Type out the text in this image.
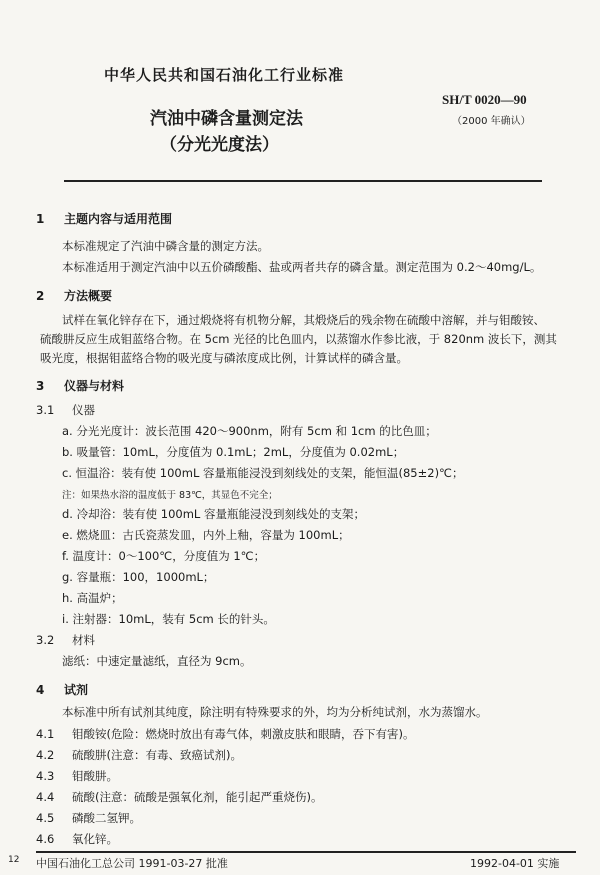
中华人民共和国石油化工行业标准
SH/T 0020—90
（2000 年确认）
汽油中磷含量测定法
（分光光度法）
1 主题内容与适用范围
本标准规定了汽油中磷含量的测定方法。
本标准适用于测定汽油中以五价磷酸酯、盐或两者共存的磷含量。测定范围为 0.2～40mg/L。
2 方法概要
试样在氧化锌存在下，通过煅烧将有机物分解，其煅烧后的残余物在硫酸中溶解，并与钼酸铵、
硫酸肼反应生成钼蓝络合物。在 5cm 光径的比色皿内，以蒸馏水作参比液，于 820nm 波长下，测其
吸光度，根据钼蓝络合物的吸光度与磷浓度成比例，计算试样的磷含量。
3 仪器与材料
3.1 仪器
a. 分光光度计：波长范围 420～900nm，附有 5cm 和 1cm 的比色皿；
b. 吸量管：10mL，分度值为 0.1mL；2mL，分度值为 0.02mL；
c. 恒温浴：装有使 100mL 容量瓶能浸没到刻线处的支架，能恒温(85±2)℃；
注：如果热水浴的温度低于 83℃，其显色不完全；
d. 冷却浴：装有使 100mL 容量瓶能浸没到刻线处的支架；
e. 燃烧皿：古氏瓷蒸发皿，内外上釉，容量为 100mL；
f. 温度计：0～100℃，分度值为 1℃；
g. 容量瓶：100，1000mL；
h. 高温炉；
i. 注射器：10mL，装有 5cm 长的针头。
3.2 材料
滤纸：中速定量滤纸，直径为 9cm。
4 试剂
本标准中所有试剂其纯度，除注明有特殊要求的外，均为分析纯试剂，水为蒸馏水。
4.1 钼酸铵(危险：燃烧时放出有毒气体，刺激皮肤和眼睛，吞下有害)。
4.2 硫酸肼(注意：有毒、致癌试剂)。
4.3 钼酸肼。
4.4 硫酸(注意：硫酸是强氧化剂，能引起严重烧伤)。
4.5 磷酸二氢钾。
4.6 氧化锌。
中国石油化工总公司 1991-03-27 批准	1992-04-01 实施
12
